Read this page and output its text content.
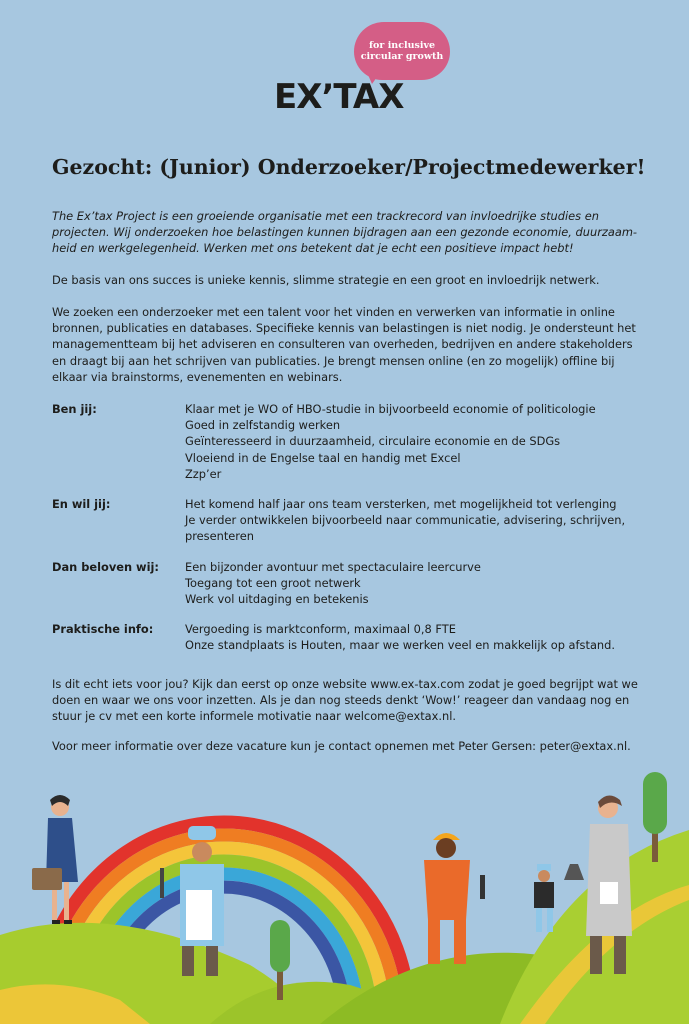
for inclusive circular growth
EX’TAX
Gezocht: (Junior) Onderzoeker/Projectmedewerker!

The Ex’tax Project is een groeiende organisatie met een trackrecord van invloedrijke studies en projecten. Wij onderzoeken hoe belastingen kunnen bijdragen aan een gezonde economie, duurzaamheid en werkgelegenheid. Werken met ons betekent dat je echt een positieve impact hebt!

De basis van ons succes is unieke kennis, slimme strategie en een groot en invloedrijk netwerk.

We zoeken een onderzoeker met een talent voor het vinden en verwerken van informatie in online bronnen, publicaties en databases. Specifieke kennis van belastingen is niet nodig. Je ondersteunt het managementteam bij het adviseren en consulteren van overheden, bedrijven en andere stakeholders en draagt bij aan het schrijven van publicaties. Je brengt mensen online (en zo mogelijk) offline bij elkaar via brainstorms, evenementen en webinars.

Ben jij:	Klaar met je WO of HBO-studie in bijvoorbeeld economie of politicologie
Goed in zelfstandig werken
Geïnteresseerd in duurzaamheid, circulaire economie en de SDGs
Vloeiend in de Engelse taal en handig met Excel
Zzp’er
En wil jij:	Het komend half jaar ons team versterken, met mogelijkheid tot verlenging
Je verder ontwikkelen bijvoorbeeld naar communicatie, advisering, schrijven,
presenteren
Dan beloven wij:	Een bijzonder avontuur met spectaculaire leercurve
Toegang tot een groot netwerk
Werk vol uitdaging en betekenis
Praktische info:	Vergoeding is marktconform, maximaal 0,8 FTE
Onze standplaats is Houten, maar we werken veel en makkelijk op afstand.

Is dit echt iets voor jou? Kijk dan eerst op onze website www.ex-tax.com zodat je goed begrijpt wat we doen en waar we ons voor inzetten. Als je dan nog steeds denkt ‘Wow!’ reageer dan vandaag nog en stuur je cv met een korte informele motivatie naar welcome@extax.nl.

Voor meer informatie over deze vacature kun je contact opnemen met Peter Gersen: peter@extax.nl.
